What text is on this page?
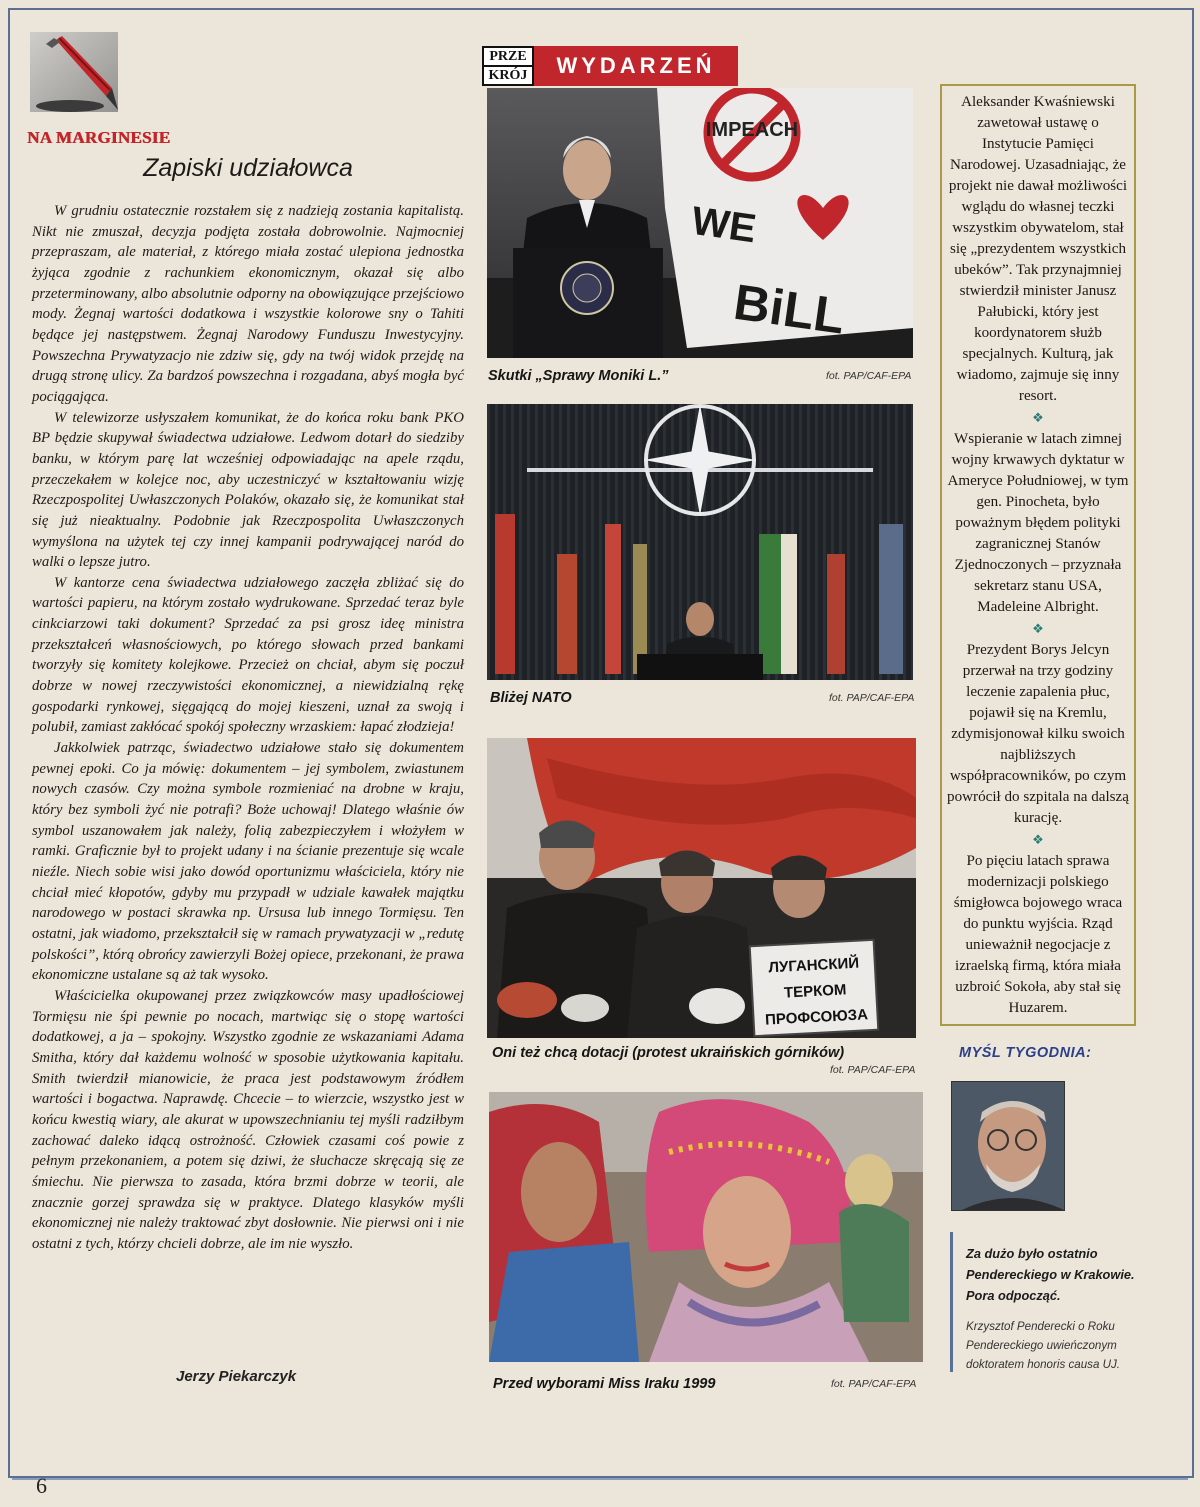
NA MARGINESIE
Zapiski udziałowca

W grudniu ostatecznie rozstałem się z nadzieją zostania kapitalistą. Nikt nie zmuszał, decyzja podjęta została dobrowolnie. Najmocniej przepraszam, ale materiał, z którego miała zostać ulepiona jednostka żyjąca zgodnie z rachunkiem ekonomicznym, okazał się albo przeterminowany, albo absolutnie odporny na obowiązujące przejściowo mody. Żegnaj wartości dodatkowa i wszystkie kolorowe sny o Tahiti będące jej następstwem. Żegnaj Narodowy Funduszu Inwestycyjny. Powszechna Prywatyzacjo nie zdziw się, gdy na twój widok przejdę na drugą stronę ulicy. Za bardzoś powszechna i rozgadana, abyś mogła być pociągająca.

W telewizorze usłyszałem komunikat, że do końca roku bank PKO BP będzie skupywał świadectwa udziałowe. Ledwom dotarł do siedziby banku, w którym parę lat wcześniej odpowiadając na apele rządu, przeczekałem w kolejce noc, aby uczestniczyć w kształtowaniu wizję Rzeczpospolitej Uwłaszczonych Polaków, okazało się, że komunikat stał się już nieaktualny. Podobnie jak Rzeczpospolita Uwłaszczonych wymyślona na użytek tej czy innej kampanii podrywającej naród do walki o lepsze jutro.

W kantorze cena świadectwa udziałowego zaczęła zbliżać się do wartości papieru, na którym zostało wydrukowane. Sprzedać teraz byle cinkciarzowi taki dokument? Sprzedać za psi grosz ideę ministra przekształceń własnościowych, po którego słowach przed bankami tworzyły się komitety kolejkowe. Przecież on chciał, abym się poczuł dobrze w nowej rzeczywistości ekonomicznej, a niewidzialną rękę gospodarki rynkowej, sięgającą do mojej kieszeni, uznał za swoją i polubił, zamiast zakłócać spokój społeczny wrzaskiem: łapać złodzieja!

Jakkolwiek patrząc, świadectwo udziałowe stało się dokumentem pewnej epoki. Co ja mówię: dokumentem – jej symbolem, zwiastunem nowych czasów. Czy można symbole rozmieniać na drobne w kraju, który bez symboli żyć nie potrafi? Boże uchowaj! Dlatego właśnie ów symbol uszanowałem jak należy, folią zabezpieczyłem i włożyłem w ramki. Graficznie był to projekt udany i na ścianie prezentuje się wcale nieźle. Niech sobie wisi jako dowód oportunizmu właściciela, który nie chciał mieć kłopotów, gdyby mu przypadł w udziale kawałek majątku narodowego w postaci skrawka np. Ursusa lub innego Tormięsu. Ten ostatni, jak wiadomo, przekształcił się w ramach prywatyzacji w „redutę polskości”, którą obrońcy zawierzyli Bożej opiece, przekonani, że prawa ekonomiczne ustalane są aż tak wysoko.

Właścicielka okupowanej przez związkowców masy upadłościowej Tormięsu nie śpi pewnie po nocach, martwiąc się o stopę wartości dodatkowej, a ja – spokojny. Wszystko zgodnie ze wskazaniami Adama Smitha, który dał każdemu wolność w sposobie użytkowania kapitału. Smith twierdził mianowicie, że praca jest podstawowym źródłem wartości i bogactwa. Naprawdę. Chcecie – to wierzcie, wszystko jest w końcu kwestią wiary, ale akurat w upowszechnianiu tej myśli radziłbym zachować daleko idącą ostrożność. Człowiek czasami coś powie z pełnym przekonaniem, a potem się dziwi, że słuchacze skręcają się ze śmiechu. Nie pierwsza to zasada, która brzmi dobrze w teorii, ale znacznie gorzej sprawdza się w praktyce. Dlatego klasyków myśli ekonomicznej nie należy traktować zbyt dosłownie. Nie pierwsi oni i nie ostatni z tych, którzy chcieli dobrze, ale im nie wyszło.

Jerzy Piekarczyk
PRZE
KRÓJ	WYDARZEŃ
IMPEACH
WE
BiLL
Skutki „Sprawy Moniki L.”	fot. PAP/CAF-EPA
Bliżej NATO	fot. PAP/CAF-EPA
ЛУГАНСКИЙ
ТЕРКОМ
ПРОФСОЮЗА
Oni też chcą dotacji (protest ukraińskich górników)
fot. PAP/CAF-EPA
Przed wyborami Miss Iraku 1999	fot. PAP/CAF-EPA

Aleksander Kwaśniewski zawetował ustawę o Instytucie Pamięci Narodowej. Uzasadniając, że projekt nie dawał możliwości wglądu do własnej teczki wszystkim obywatelom, stał się „prezydentem wszystkich ubeków”. Tak przynajmniej stwierdził minister Janusz Pałubicki, który jest koordynatorem służb specjalnych. Kulturą, jak wiadomo, zajmuje się inny resort.

❖

Wspieranie w latach zimnej wojny krwawych dyktatur w Ameryce Południowej, w tym gen. Pinocheta, było poważnym błędem polityki zagranicznej Stanów Zjednoczonych – przyznała sekretarz stanu USA, Madeleine Albright.

❖

Prezydent Borys Jelcyn przerwał na trzy godziny leczenie zapalenia płuc, pojawił się na Kremlu, zdymisjonował kilku swoich najbliższych współpracowników, po czym powrócił do szpitala na dalszą kurację.

❖

Po pięciu latach sprawa modernizacji polskiego śmigłowca bojowego wraca do punktu wyjścia. Rząd unieważnił negocjacje z izraelską firmą, która miała uzbroić Sokoła, aby stał się Huzarem.

MYŚL TYGODNIA:
Za dużo było ostatnio Pendereckiego w Krakowie. Pora odpocząć.
Krzysztof Penderecki o Roku Pendereckiego uwieńczonym doktoratem honoris causa UJ.
6
